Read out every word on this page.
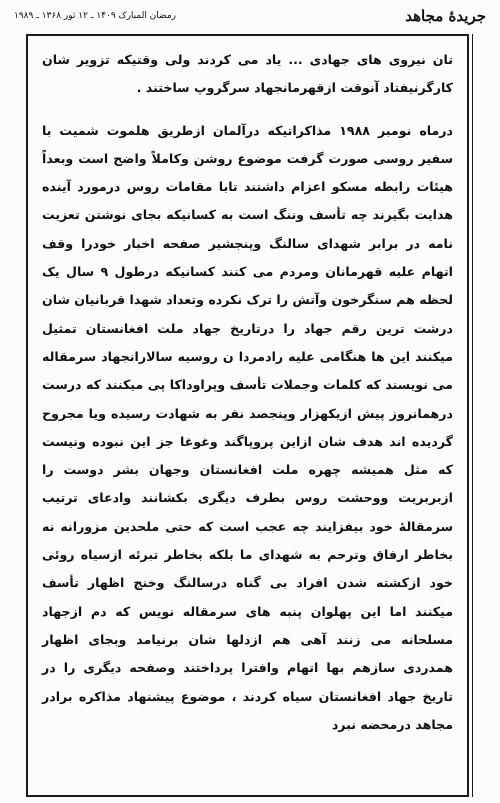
جریدهٔ مجاهد
رمضان المبارک ۱۴۰۹ ـ ۱۲ ثور ۱۳۶۸ ـ ۱۹۸۹

تان نیروی های جهادی ... یاد می کردند ولی وقتیکه تزویر شان کارگرنیفتاد آنوقت ازقهرمانجهاد سرگروپ ساختند .

درماه نومبر ۱۹۸۸ مذاکراتیکه درآلمان ازطریق هلموت شمیت با سفیر روسی صورت گرفت موضوع روشن وکاملاً واضح است وبعداً هیئات رابطه مسکو اعزام داشتند تابا مقامات روس درمورد آینده هدایت بگیرند چه تأسف وننگ است به کسانیکه بجای نوشتن تعزیت نامه در برابر شهدای سالنگ وپنجشیر صفحه اخبار خودرا وقف اتهام علیه قهرمانان ومردم می کنند کسانیکه درطول ۹ سال یک لحظه هم سنگرخون وآتش را ترک نکرده وتعداد شهدا قربانیان شان درشت ترین رقم جهاد را درتاریخ جهاد ملت افغانستان تمثیل میکنند این ها هنگامی علیه رادمردا ن روسیه سالارانجهاد سرمقاله می نویسند که کلمات وجملات تأسف وپراوداکا پی میکنند که درست درهمانروز پیش ازیکهزار وپنجصد نفر به شهادت رسیده ویا مجروح گردیده اند هدف شان ازاین پروپاگند وغوغا جز این نبوده ونیست که مثل همیشه چهره ملت افغانستان وجهان بشر دوست را ازبربریت ووحشت روس بطرف دیگری بکشانند وادعای ترتیب سرمقالهٔ خود بیفزایند چه عجب است که حتی ملحدین مزورانه نه بخاطر ارفاق وترحم به شهدای ما بلکه بخاطر تبرئه ازسیاه روئی خود ازکشته شدن افراد بی گناه درسالنگ وخنج اظهار تأسف میکنند اما این پهلوان پنبه های سرمقاله نویس که دم ازجهاد مسلحانه می زنند آهی هم ازدلها شان برنیامد وبجای اظهار همدردی سازهم بها اتهام وافترا پرداختند وصفحه دیگری را در تاریخ جهاد افغانستان سیاه کردند ، موضوع پیشنهاد مذاکره برادر مجاهد درمحضه نبرد
